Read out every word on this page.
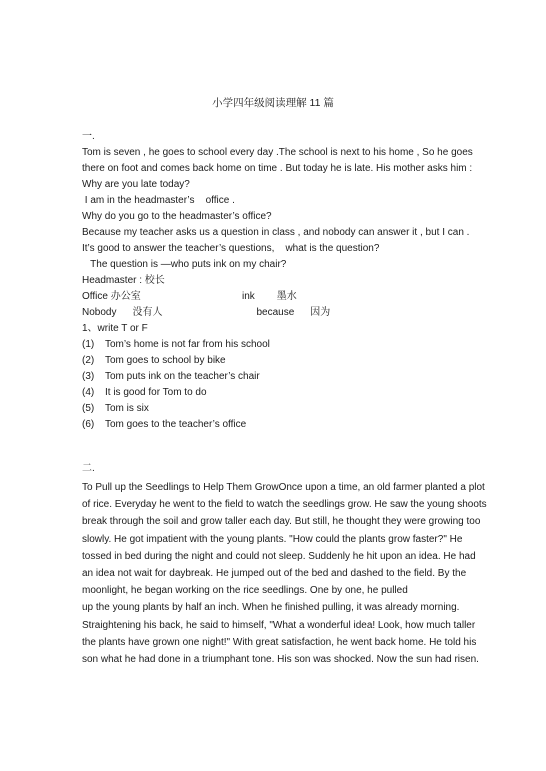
小学四年级阅读理解 11 篇
一.
Tom is seven , he goes to school every day .The school is next to his home , So he goes
there on foot and comes back home on time . But today he is late. His mother asks him :
Why are you late today?
I am in the headmaster’s    office .
Why do you go to the headmaster’s office?
Because my teacher asks us a question in class , and nobody can answer it , but I can .
It’s good to answer the teacher’s questions,    what is the question?
The question is —who puts ink on my chair?
Headmaster : 校长
Office 办公室	ink 墨水
Nobody 没有人	because 因为
1、write T or F
(1) Tom’s home is not far from his school
(2) Tom goes to school by bike
(3) Tom puts ink on the teacher’s chair
(4) It is good for Tom to do
(5) Tom is six
(6) Tom goes to the teacher’s office
二.
To Pull up the Seedlings to Help Them GrowOnce upon a time, an old farmer planted a plot
of rice. Everyday he went to the field to watch the seedlings grow. He saw the young shoots
break through the soil and grow taller each day. But still, he thought they were growing too
slowly. He got impatient with the young plants. "How could the plants grow faster?" He
tossed in bed during the night and could not sleep. Suddenly he hit upon an idea. He had
an idea not wait for daybreak. He jumped out of the bed and dashed to the field. By the
moonlight, he began working on the rice seedlings. One by one, he pulled
up the young plants by half an inch. When he finished pulling, it was already morning.
Straightening his back, he said to himself, "What a wonderful idea! Look, how much taller
the plants have grown one night!" With great satisfaction, he went back home. He told his
son what he had done in a triumphant tone. His son was shocked. Now the sun had risen.
